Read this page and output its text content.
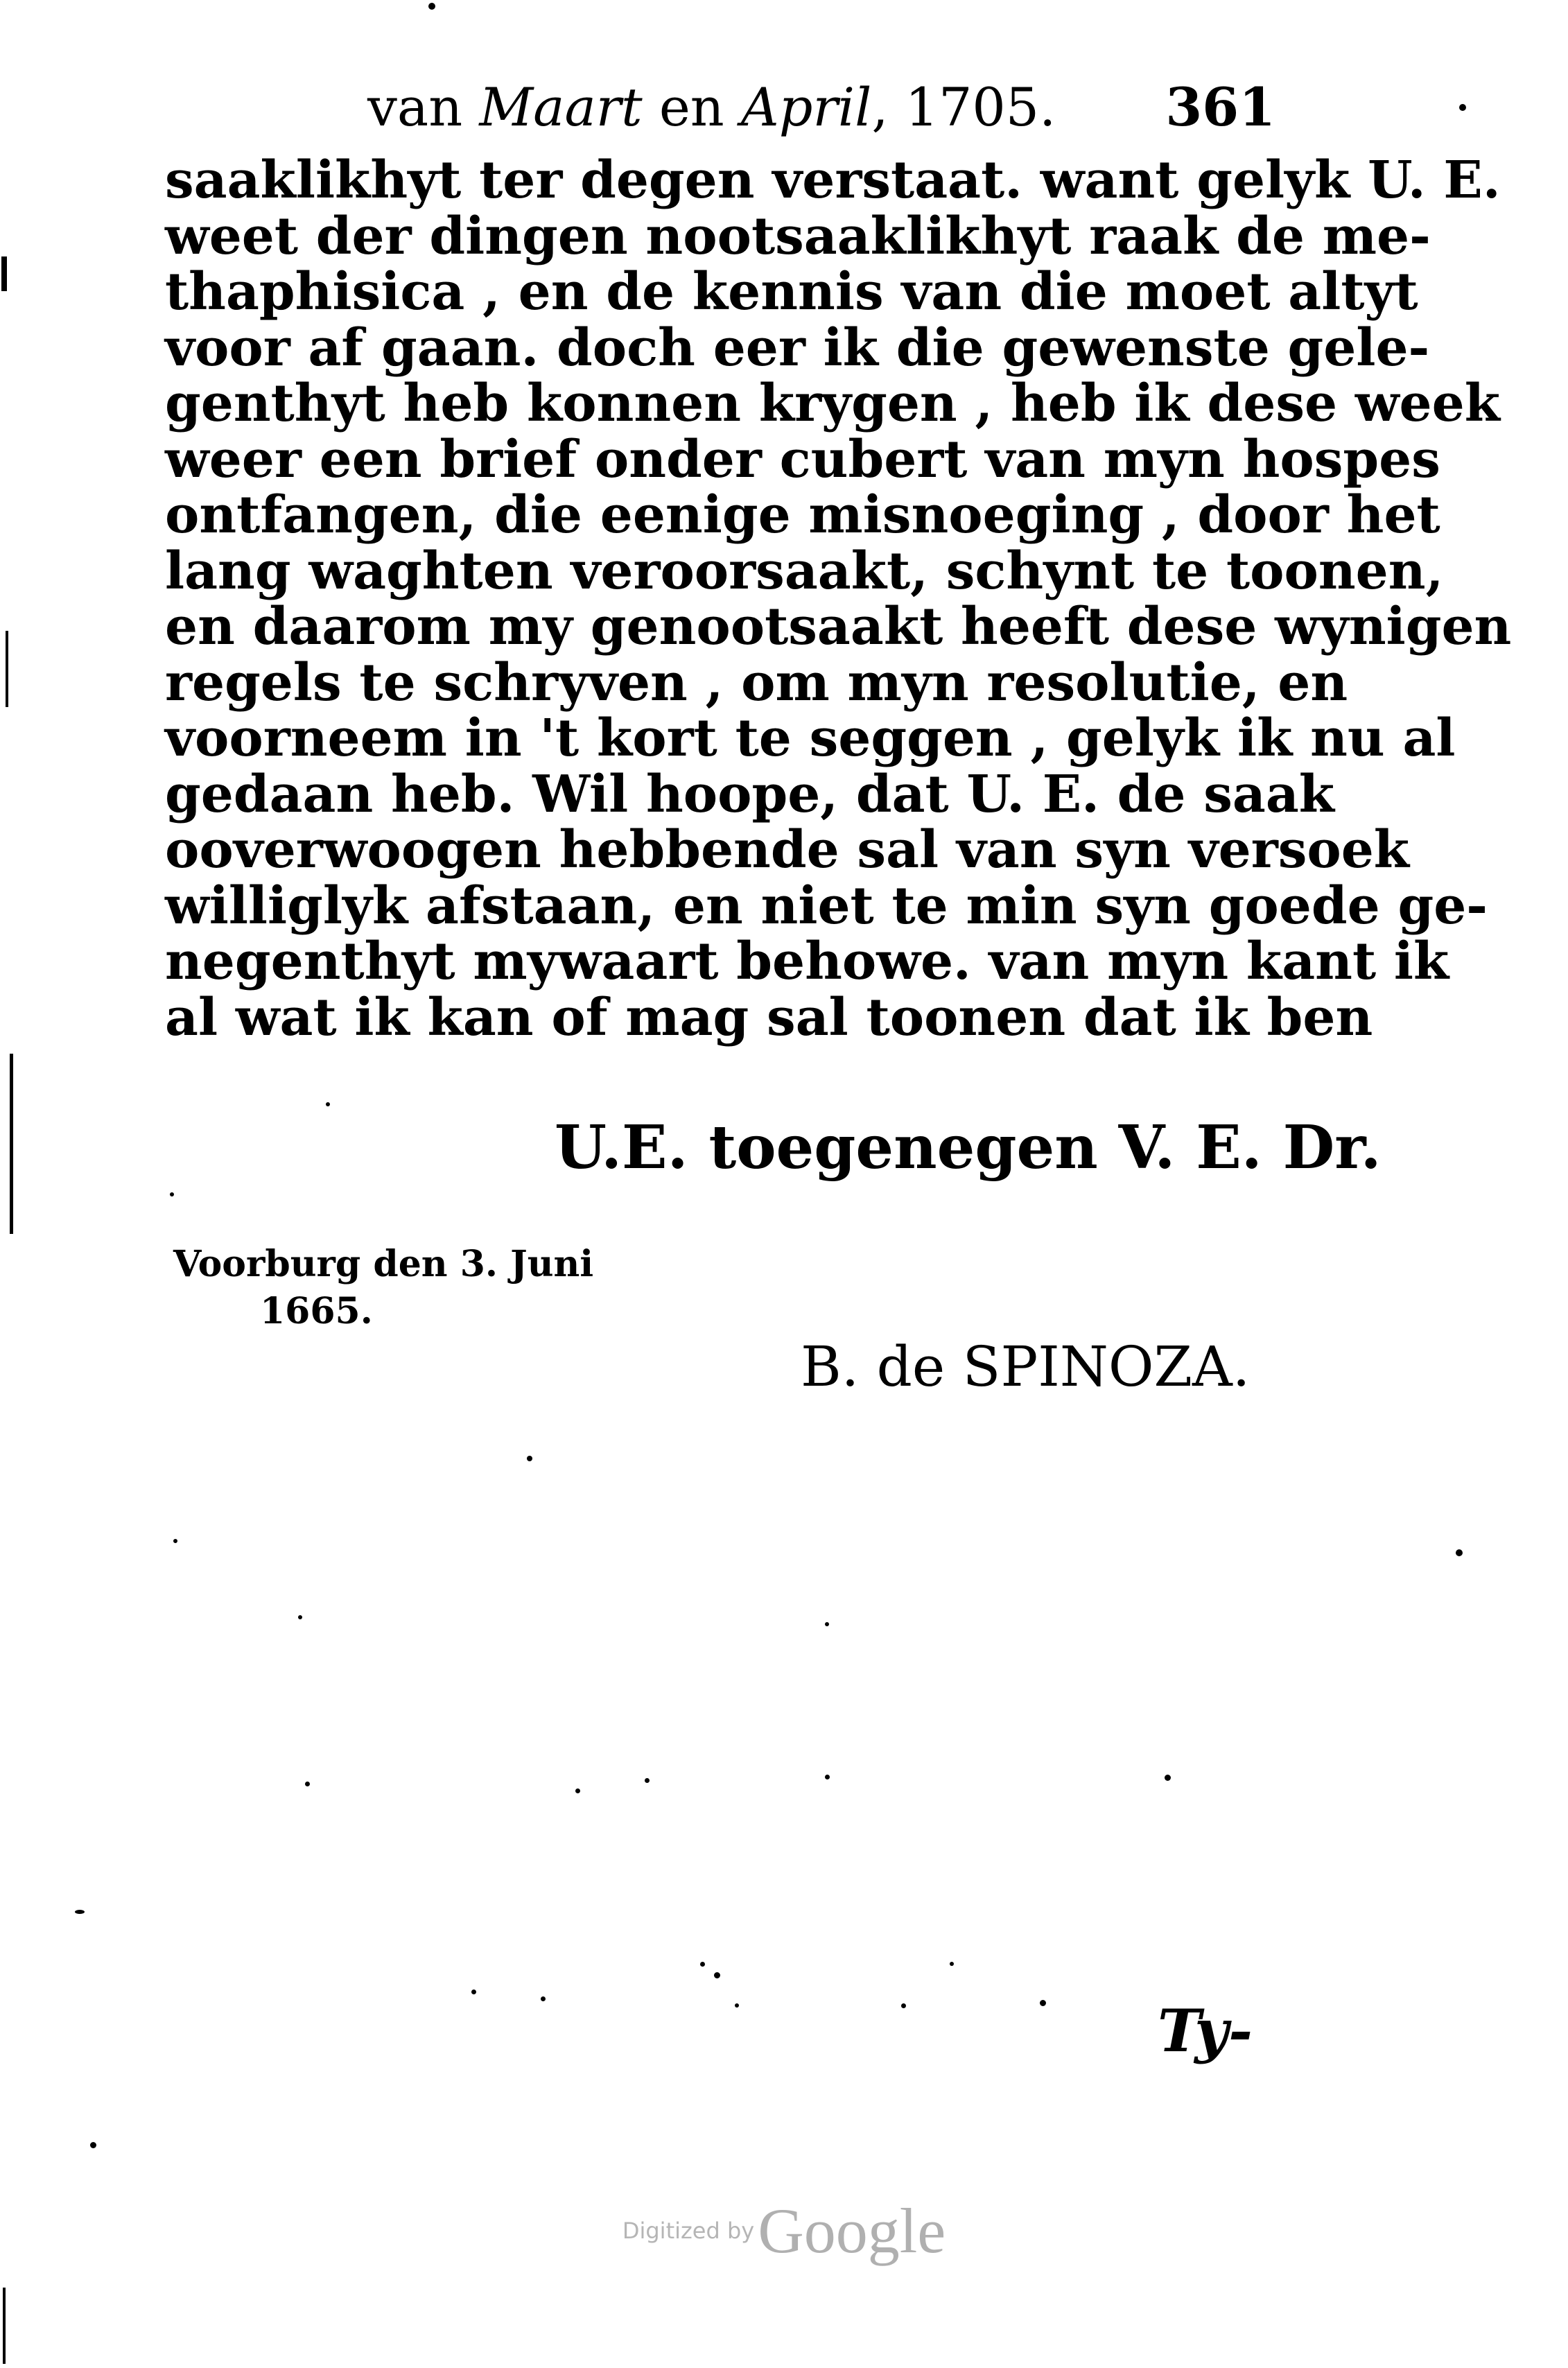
van Maart en April, 1705. 361
saaklikhyt ter degen verstaat. want gelyk U. E.
weet der dingen nootsaaklikhyt raak de me-
thaphisica , en de kennis van die moet altyt
voor af gaan. doch eer ik die gewenste gele-
genthyt heb konnen krygen , heb ik dese week
weer een brief onder cubert van myn hospes
ontfangen, die eenige misnoeging , door het
lang waghten veroorsaakt, schynt te toonen,
en daarom my genootsaakt heeft dese wynigen
regels te schryven , om myn resolutie, en
voorneem in 't kort te seggen , gelyk ik nu al
gedaan heb. Wil hoope, dat U. E. de saak
ooverwoogen hebbende sal van syn versoek
williglyk afstaan, en niet te min syn goede ge-
negenthyt mywaart behowe. van myn kant ik
al wat ik kan of mag sal toonen dat ik ben
U.E. toegenegen V. E. Dr.
Voorburg den 3. Juni
1665.
B. de SPINOZA.
Ty-
Digitized by Google
